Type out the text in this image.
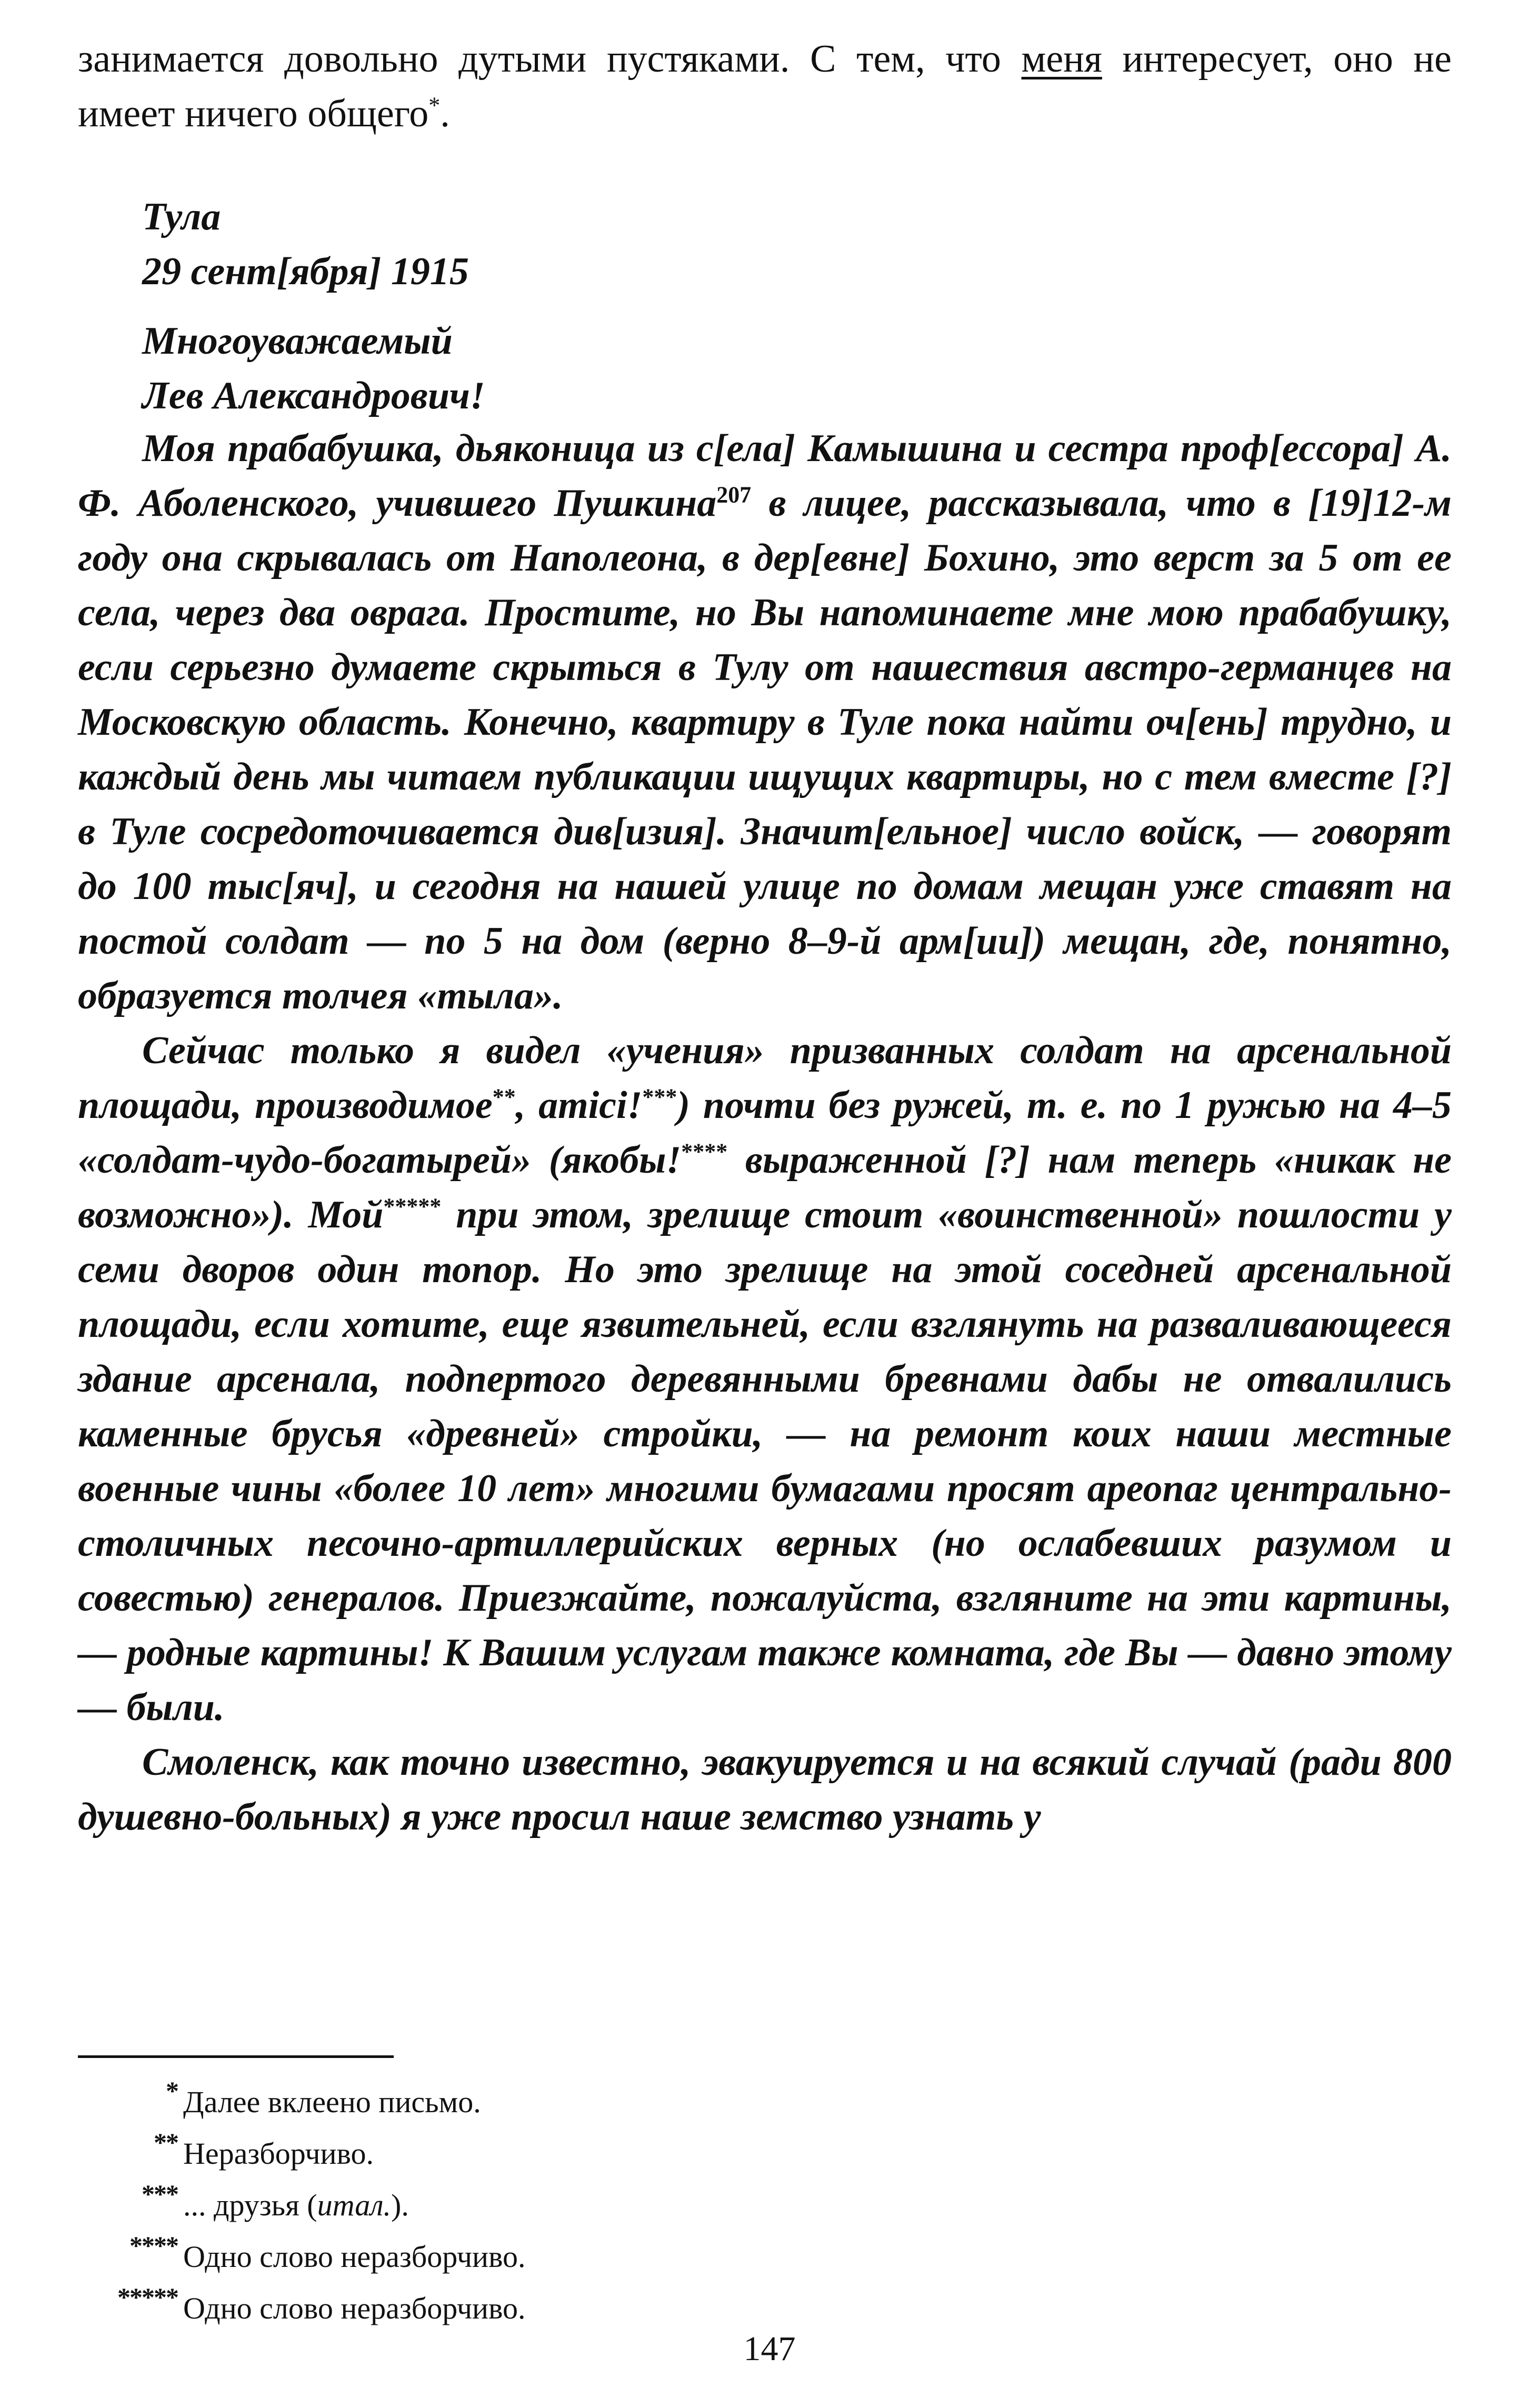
занимается довольно дутыми пустяками. С тем, что меня интересует, оно не имеет ничего общего*.

Тула

29 сент[ября] 1915

Многоуважаемый

Лев Александрович!

Моя прабабушка, дьяконица из с[ела] Камышина и сестра проф[ессора] А. Ф. Аболенского, учившего Пушкина$^{207}$ в лицее, рассказывала, что в [19]12-м году она скрывалась от Наполеона, в дер[евне] Бохино, это верст за 5 от ее села, через два оврага. Простите, но Вы напоминаете мне мою прабабушку, если серьезно думаете скрыться в Тулу от нашествия австро-германцев на Московскую область. Конечно, квартиру в Туле пока найти оч[ень] трудно, и каждый день мы читаем публикации ищущих квартиры, но с тем вместе [?] в Туле сосредоточивается див[изия]. Значит[ельное] число войск, — говорят до 100 тыс[яч], и сегодня на нашей улице по домам мещан уже ставят на постой солдат — по 5 на дом (верно 8–9-й арм[ии]) мещан, где, понятно, образуется толчея «тыла».

Сейчас только я видел «учения» призванных солдат на арсенальной площади, производимое**, amici!***) почти без ружей, т. е. по 1 ружью на 4–5 «солдат-чудо-богатырей» (якобы!**** выраженной [?] нам теперь «никак не возможно»). Мой***** при этом, зрелище стоит «воинственной» пошлости у семи дворов один топор. Но это зрелище на этой соседней арсенальной площади, если хотите, еще язвительней, если взглянуть на разваливающееся здание арсенала, подпертого деревянными бревнами дабы не отвалились каменные брусья «древней» стройки, — на ремонт коих наши местные военные чины «более 10 лет» многими бумагами просят ареопаг центрально-столичных песочно-артиллерийских верных (но ослабевших разумом и совестью) генералов. Приезжайте, пожалуйста, взгляните на эти картины, — родные картины! К Вашим услугам также комната, где Вы — давно этому — были.

Смоленск, как точно известно, эвакуируется и на всякий случай (ради 800 душевно-больных) я уже просил наше земство узнать у

* Далее вклеено письмо.
** Неразборчиво.
*** ... друзья (итал.).
**** Одно слово неразборчиво.
***** Одно слово неразборчиво.
147
